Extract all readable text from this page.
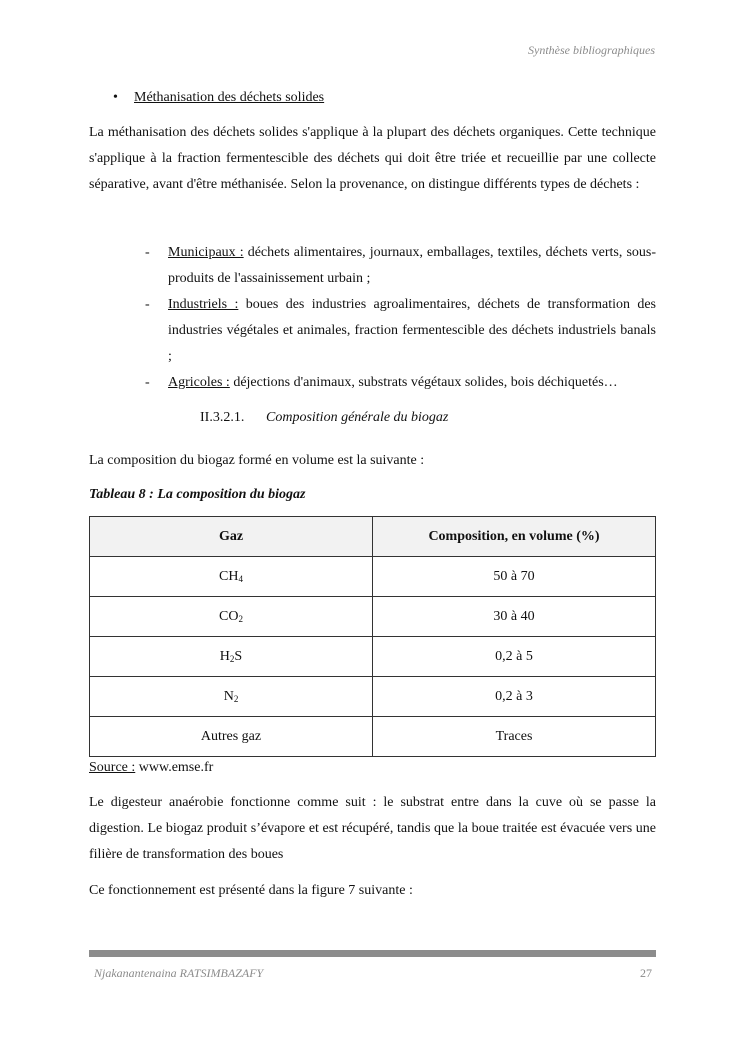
Synthèse bibliographiques
• Méthanisation des déchets solides
La méthanisation des déchets solides s'applique à la plupart des déchets organiques. Cette technique s'applique à la fraction fermentescible des déchets qui doit être triée et recueillie par une collecte séparative, avant d'être méthanisée. Selon la provenance, on distingue différents types de déchets :
-	Municipaux : déchets alimentaires, journaux, emballages, textiles, déchets verts, sous-produits de l'assainissement urbain ;
-	Industriels : boues des industries agroalimentaires, déchets de transformation des industries végétales et animales, fraction fermentescible des déchets industriels banals ;
-	Agricoles : déjections d'animaux, substrats végétaux solides, bois déchiquetés…
II.3.2.1. Composition générale du biogaz
La composition du biogaz formé en volume est la suivante :
Tableau 8 : La composition du biogaz
Gaz	Composition, en volume (%)
$CH_4$	50 à 70
$CO_2$	30 à 40
$H_2S$	0,2 à 5
$N_2$	0,2 à 3
Autres gaz	Traces
Source : www.emse.fr
Le digesteur anaérobie fonctionne comme suit : le substrat entre dans la cuve où se passe la digestion. Le biogaz produit s’évapore et est récupéré, tandis que la boue traitée est évacuée vers une filière de transformation des boues
Ce fonctionnement est présenté dans la figure 7 suivante :
Njakanantenaina RATSIMBAZAFY	27
